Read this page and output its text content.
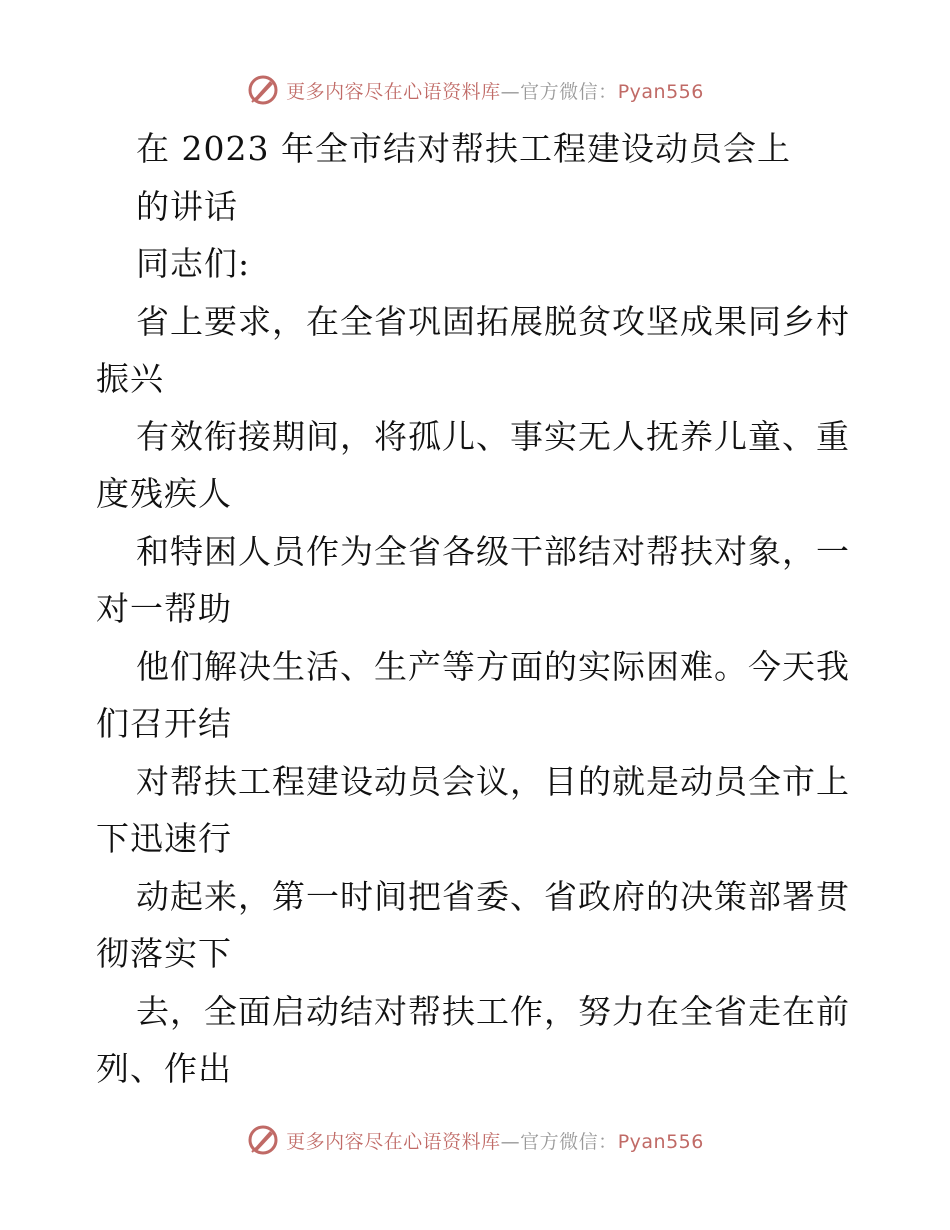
更多内容尽在心语资料库—官方微信：Pyan556
在 2023 年全市结对帮扶工程建设动员会上
的讲话
同志们:
省上要求，在全省巩固拓展脱贫攻坚成果同乡村
振兴
有效衔接期间，将孤儿、事实无人抚养儿童、重
度残疾人
和特困人员作为全省各级干部结对帮扶对象，一
对一帮助
他们解决生活、生产等方面的实际困难。今天我
们召开结
对帮扶工程建设动员会议，目的就是动员全市上
下迅速行
动起来，第一时间把省委、省政府的决策部署贯
彻落实下
去，全面启动结对帮扶工作，努力在全省走在前
列、作出
更多内容尽在心语资料库—官方微信：Pyan556
